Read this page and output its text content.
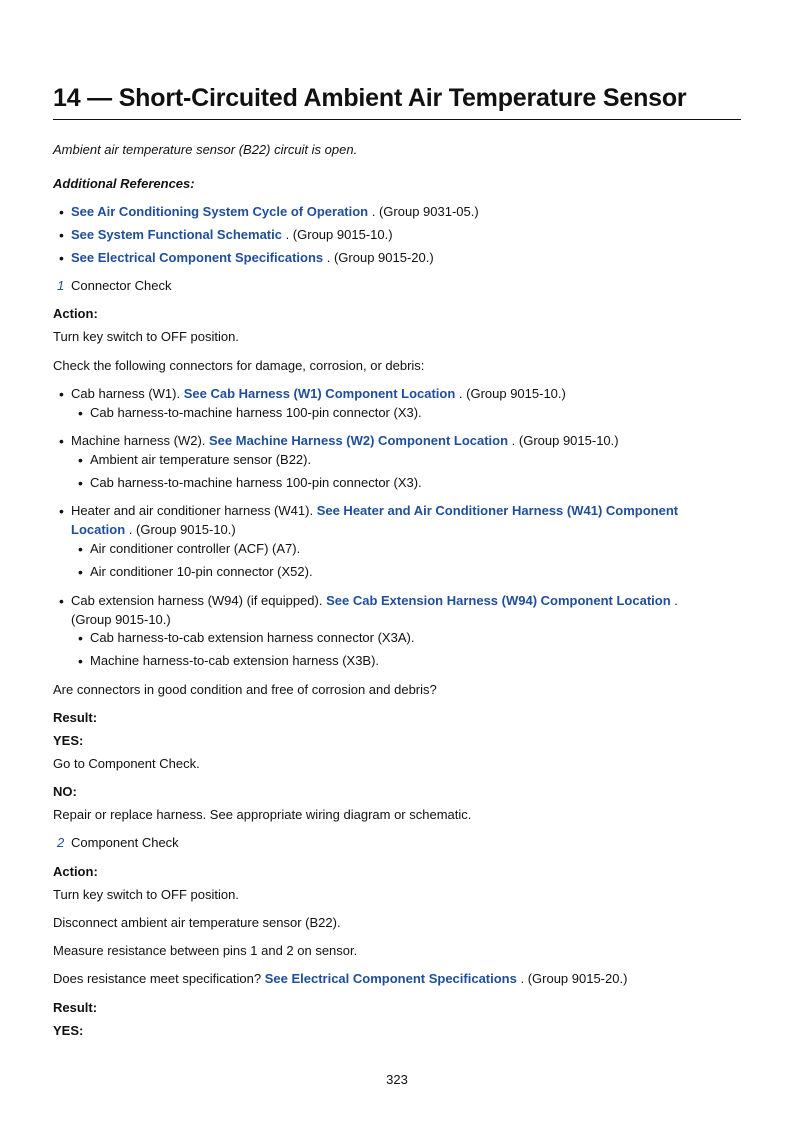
14 — Short-Circuited Ambient Air Temperature Sensor
Ambient air temperature sensor (B22) circuit is open.
Additional References:
• See Air Conditioning System Cycle of Operation . (Group 9031-05.)
• See System Functional Schematic . (Group 9015-10.)
• See Electrical Component Specifications . (Group 9015-20.)
1 Connector Check
Action:
Turn key switch to OFF position.
Check the following connectors for damage, corrosion, or debris:
• Cab harness (W1). See Cab Harness (W1) Component Location . (Group 9015-10.)
• Cab harness-to-machine harness 100-pin connector (X3).
• Machine harness (W2). See Machine Harness (W2) Component Location . (Group 9015-10.)
• Ambient air temperature sensor (B22).
• Cab harness-to-machine harness 100-pin connector (X3).
• Heater and air conditioner harness (W41). See Heater and Air Conditioner Harness (W41) Component
Location . (Group 9015-10.)
• Air conditioner controller (ACF) (A7).
• Air conditioner 10-pin connector (X52).
• Cab extension harness (W94) (if equipped). See Cab Extension Harness (W94) Component Location .
(Group 9015-10.)
• Cab harness-to-cab extension harness connector (X3A).
• Machine harness-to-cab extension harness (X3B).
Are connectors in good condition and free of corrosion and debris?
Result:
YES:
Go to Component Check.
NO:
Repair or replace harness. See appropriate wiring diagram or schematic.
2 Component Check
Action:
Turn key switch to OFF position.
Disconnect ambient air temperature sensor (B22).
Measure resistance between pins 1 and 2 on sensor.
Does resistance meet specification? See Electrical Component Specifications . (Group 9015-20.)
Result:
YES:
323
